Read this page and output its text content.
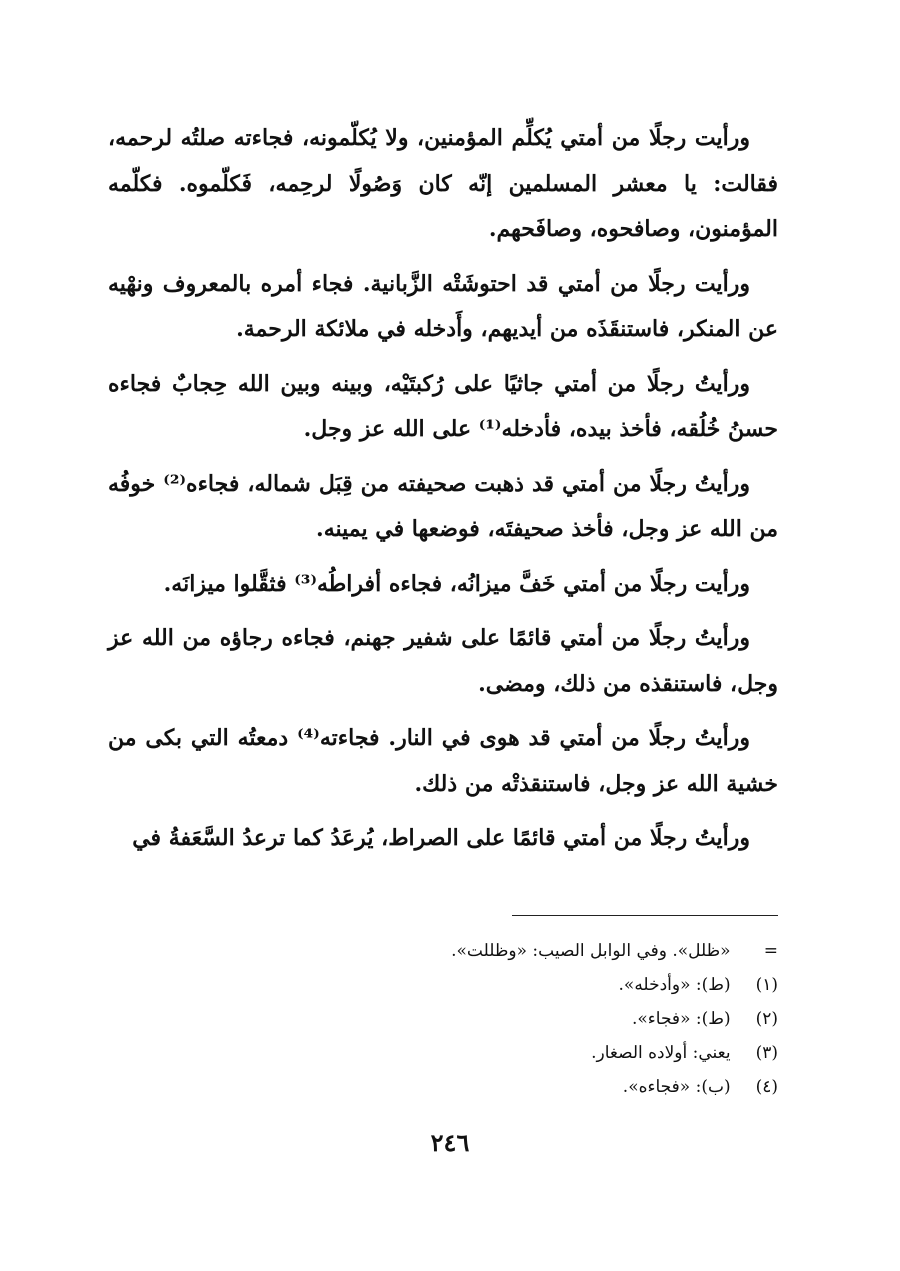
ورأيت رجلًا من أمتي يُكلِّم المؤمنين، ولا يُكلّمونه، فجاءته صلتُه لرحمه، فقالت: يا معشر المسلمين إنّه كان وَصُولًا لرحِمه، فَكلّموه. فكلّمه المؤمنون، وصافحوه، وصافَحهم.

ورأيت رجلًا من أمتي قد احتوشَتْه الزَّبانية. فجاء أمره بالمعروف ونهْيه عن المنكر، فاستنقَذَه من أيديهم، وأَدخله في ملائكة الرحمة.

ورأيتُ رجلًا من أمتي جاثيًا على رُكبتَيْه، وبينه وبين الله حِجابٌ فجاءه حسنُ خُلُقه، فأخذ بيده، فأدخله⁽¹⁾ على الله عز وجل.

ورأيتُ رجلًا من أمتي قد ذهبت صحيفته من قِبَل شماله، فجاءه⁽²⁾ خوفُه من الله عز وجل، فأخذ صحيفتَه، فوضعها في يمينه.

ورأيت رجلًا من أمتي خَفَّ ميزانُه، فجاءه أفراطُه⁽³⁾ فثقَّلوا ميزانَه.

ورأيتُ رجلًا من أمتي قائمًا على شفير جهنم، فجاءه رجاؤه من الله عز وجل، فاستنقذه من ذلك، ومضى.

ورأيتُ رجلًا من أمتي قد هوى في النار. فجاءته⁽⁴⁾ دمعتُه التي بكى من خشية الله عز وجل، فاستنقذتْه من ذلك.

ورأيتُ رجلًا من أمتي قائمًا على الصراط، يُرعَدُ كما ترعدُ السَّعَفةُ في

= «ظلل». وفي الوابل الصيب: «وظللت».
(١) (ط): «وأدخله».
(٢) (ط): «فجاء».
(٣) يعني: أولاده الصغار.
(٤) (ب): «فجاءه».
٢٤٦
